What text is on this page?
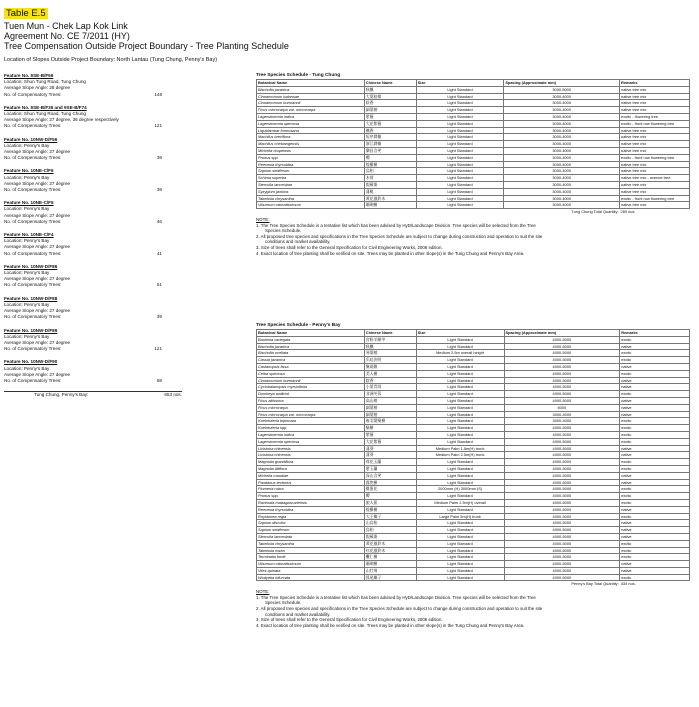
Table E.5
Tuen Mun - Chek Lap Kok Link
Agreement No. CE 7/2011 (HY)
Tree Compensation Outside Project Boundary - Tree Planting Schedule
Location of Slopes Outside Project Boundary: North Lantau (Tung Chung, Penny's Bay)
Feature No. 9SE-B/F56
Location: Shun Tung Road, Tung Chung
Average Slope Angle: 28 degree
No. of Compensatory Trees:	148
Feature No. 9SE-B/F35 and 9SE-B/F74
Location: Shun Tung Road, Tung Chung
Average Slope Angle: 27 degree, 36 degree respectively
No. of Compensatory Trees:	121
Feature No. 10NW-D/F56
Location: Penny's Bay
Average Slope Angle: 27 degree
No. of Compensatory Trees:	39
Feature No. 10NE-C/F6
Location: Penny's Bay
Average Slope Angle: 27 degree
No. of Compensatory Trees:	39
Feature No. 10NE-C/F5
Location: Penny's Bay
Average Slope Angle: 27 degree
No. of Compensatory Trees:	46
Feature No. 10NE-C/F4
Location: Penny's Bay
Average Slope Angle: 27 degree
No. of Compensatory Trees:	41
Feature No. 10NW-D/F86
Location: Penny's Bay
Average Slope Angle: 27 degree
No. of Compensatory Trees:	51
Feature No. 10NW-D/F88
Location: Penny's Bay
Average Slope Angle: 27 degree
No. of Compensatory Trees:	39
Feature No. 10NW-D/F89
Location: Penny's Bay
Average Slope Angle: 27 degree
No. of Compensatory Trees:	121
Feature No. 10NW-D/F90
Location: Penny's Bay
Average Slope Angle: 27 degree
No. of Compensatory Trees:	58
Tung Chung, Penny's Bay:	653 nos.
Tree Species Schedule - Tung Chung
Botanical Name	Chinese Name	Size	Spacing (Approximate mm)	Remarks
Bischofia javanica	秋楓	Light Standard	3000-5000	native tree mix
Cinnamomum balansae	大葉桂樟	Light Standard	3000-4000	native tree mix
Cinnamomum burmannii	陰香	Light Standard	3000-4000	native tree mix
Ficus microcarpa var. microcarpa	細葉榕	Light Standard	3000-4000	native tree mix
Lagerstroemia indica	紫薇	Light Standard	3000-4000	exotic - flowering tree
Lagerstroemia speciosa	大花紫薇	Light Standard	3000-4000	exotic - front row flowering tree
Liquidambar formosana	楓香	Light Standard	3000-4000	native tree mix
Machilus breviflora	短序潤楠	Light Standard	3000-4000	native tree mix
Machilus chekiangensis	浙江潤楠	Light Standard	3000-4000	native tree mix
Michelia chapensis	樂昌含笑	Light Standard	3000-4000	native tree mix
Prunus spp.	櫻	Light Standard	3000-4000	exotic - front row flowering tree
Reevesia thyrsoidea	梭羅樹	Light Standard	3000-4000	native tree mix
Sapium sebiferum	烏桕	Light Standard	3000-4000	native tree mix
Schima superba	木荷	Light Standard	3000-4000	native tree mix - avenue tree
Sterculia lanceolata	假蘋婆	Light Standard	3000-4000	native tree mix
Syzygium jambos	蒲桃	Light Standard	3000-4000	native tree mix
Tabebuia chrysantha	黃花風鈴木	Light Standard	3000-4000	exotic - front row flowering tree
Viburnum odoratissimum	珊瑚樹	Light Standard	3000-4000	native tree mix
			Tung Chung Total Quantity:	269 nos.
NOTE:
1. The Tree Species Schedule is a tentative list which has been advised by HyD/Landscape Division. Tree species will be selected from the Tree
Species Schedule.
2. All proposed tree species and specifications in the Tree Species Schedule are subject to change during construction and operation to suit the site
conditions and market availability.
3. Size of trees shall refer to the General Specification for Civil Engineering Works, 2006 edition.
4. Exact location of tree planting shall be verified on site. Trees may be planted in other slope(s) in the Tung Chung and Penny's Bay Area.
Tree Species Schedule - Penny's Bay
Botanical Name	Chinese Name	Size	Spacing (Approximate mm)	Remarks
Bauhinia variegata	宮粉羊蹄甲	Light Standard	4000-5000	exotic
Bischofia javanica	秋楓	Light Standard	4000-5000	native
Bischofia ocellata	琴葉榕	Medium 2.5m overall height	4000-5000	exotic
Cassia javanica	爪哇決明	Light Standard	4000-5000	exotic
Castanopsis fissa	黧蒴錐	Light Standard	4000-5000	native
Ceiba speciosa	美人樹	Light Standard	4000-5000	exotic
Cinnamomum burmannii	陰香	Light Standard	4000-5000	native
Cyclobalanopsis myrsinifolia	小葉青岡	Light Standard	4000-5000	native
Dombeya wallichii	非洲芙蓉	Light Standard	4000-5000	exotic
Ficus altissima	高山榕	Light Standard	4000-5000	native
Ficus microcarpa	細葉榕	Light Standard	5000	native
Ficus microcarpa var. microcarpa	細葉榕	Light Standard	3000-4000	native
Koelreuteria bipinnata	複羽葉欒樹	Light Standard	3000-4000	exotic
Koelreuteria spp.	欒樹	Light Standard	4000-5000	exotic
Lagerstroemia indica	紫薇	Light Standard	4000-5000	exotic
Lagerstroemia speciosa	大花紫薇	Light Standard	4000-5000	exotic
Livistona chinensis	蒲葵	Medium Palm 1.5m(H) trunk	4000-5000	native
Livistona chinensis	蒲葵	Medium Palm 2.5m(H) trunk	4000-5000	native
Magnolia grandiflora	荷花玉蘭	Light Standard	4000-5000	exotic
Magnolia liliiflora	紫玉蘭	Light Standard	4000-5000	exotic
Michelia maudiae	深山含笑	Light Standard	4000-5000	native
Pandanus tectorius	露兜樹	Light Standard	4000-5000	native
Plumeria rubra	雞蛋花	2000mm (H) 3000mm (S)	4000-5000	exotic
Prunus spp.	櫻	Light Standard	4000-5000	exotic
Ravenala madagascariensis	旅人蕉	Medium Palm 2.5m(H) overall	4000-5000	exotic
Reevesia thyrsoidea	梭羅樹	Light Standard	4000-5000	native
Roystonea regia	大王椰子	Large Palm 5m(H) trunk	4000-5000	exotic
Sapium discolor	山烏桕	Light Standard	4000-5000	native
Sapium sebiferum	烏桕	Light Standard	4000-5000	native
Sterculia lanceolata	假蘋婆	Light Standard	4000-5000	native
Tabebuia chrysantha	黃花風鈴木	Light Standard	4000-5000	exotic
Tabebuia rosea	紅花風鈴木	Light Standard	4000-5000	exotic
Terminalia fordii	欖仁樹	Light Standard	4000-5000	exotic
Viburnum odoratissimum	珊瑚樹	Light Standard	4000-5000	native
Vitex quinata	山牡荊	Light Standard	4000-5000	native
Wodyetia bifurcata	狐尾椰子	Light Standard	4000-5000	exotic
			Penny's Bay Total Quantity:	434 nos.
NOTE:
1. The Tree Species Schedule is a tentative list which has been advised by HyD/Landscape Division. Tree species will be selected from the Tree
Species Schedule.
2. All proposed tree species and specifications in the Tree Species Schedule are subject to change during construction and operation to suit the site
conditions and market availability.
3. Size of trees shall refer to the General Specification for Civil Engineering Works, 2006 edition.
4. Exact location of tree planting shall be verified on site. Trees may be planted in other slope(s) in the Tung Chung and Penny's Bay Area.
